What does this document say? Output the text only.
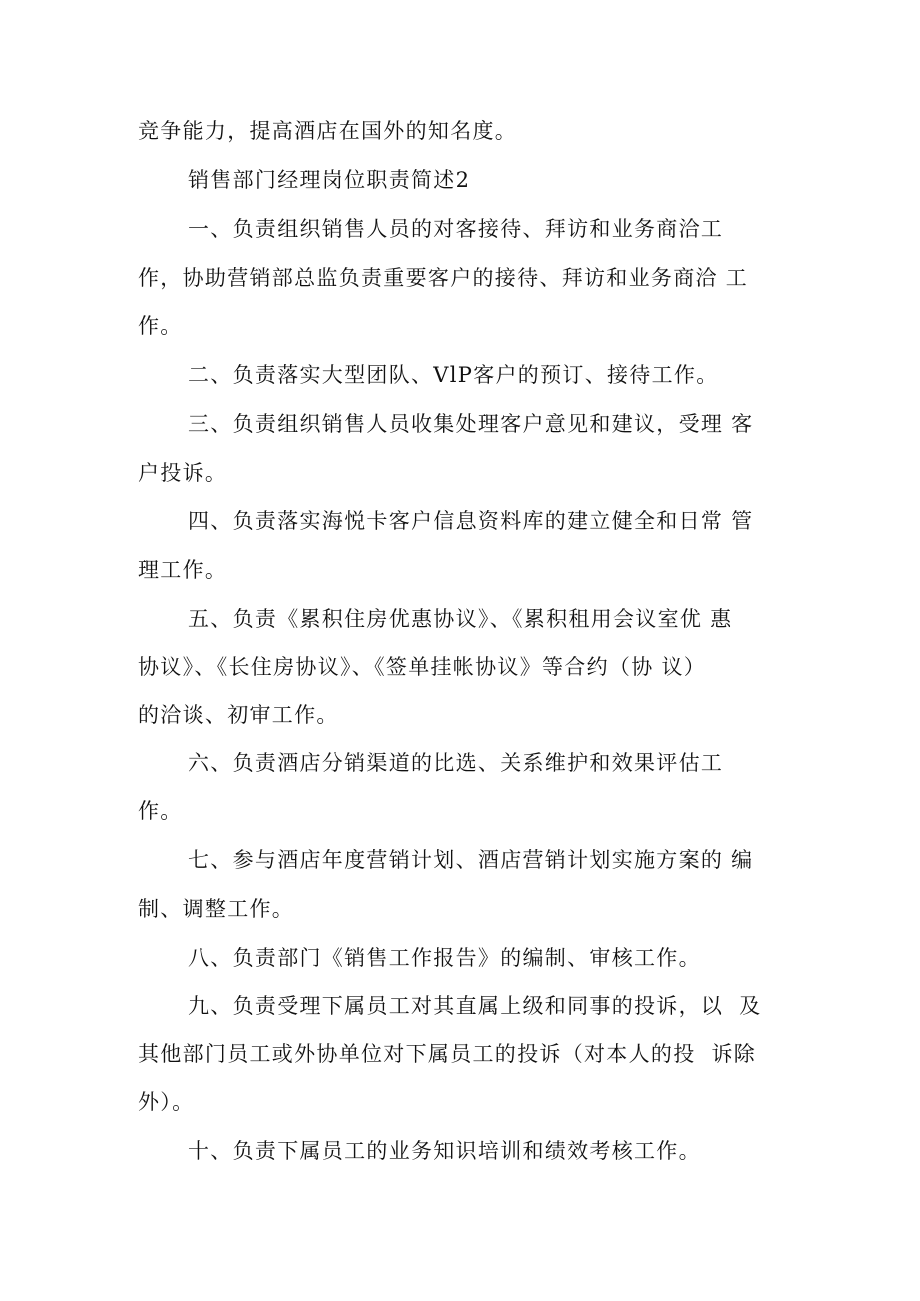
竞争能力，提高酒店在国外的知名度。
销售部门经理岗位职责简述2
一、负责组织销售人员的对客接待、拜访和业务商洽工
作，协助营销部总监负责重要客户的接待、拜访和业务商洽 工
作。
二、负责落实大型团队、VlP客户的预订、接待工作。
三、负责组织销售人员收集处理客户意见和建议，受理 客
户投诉。
四、负责落实海悦卡客户信息资料库的建立健全和日常 管
理工作。
五、负责《累积住房优惠协议》、《累积租用会议室优 惠
协议》、《长住房协议》、《签单挂帐协议》等合约（协 议）
的洽谈、初审工作。
六、负责酒店分销渠道的比选、关系维护和效果评估工
作。
七、参与酒店年度营销计划、酒店营销计划实施方案的 编
制、调整工作。
八、负责部门《销售工作报告》的编制、审核工作。
九、负责受理下属员工对其直属上级和同事的投诉，以  及
其他部门员工或外协单位对下属员工的投诉（对本人的投  诉除
外）。
十、负责下属员工的业务知识培训和绩效考核工作。
